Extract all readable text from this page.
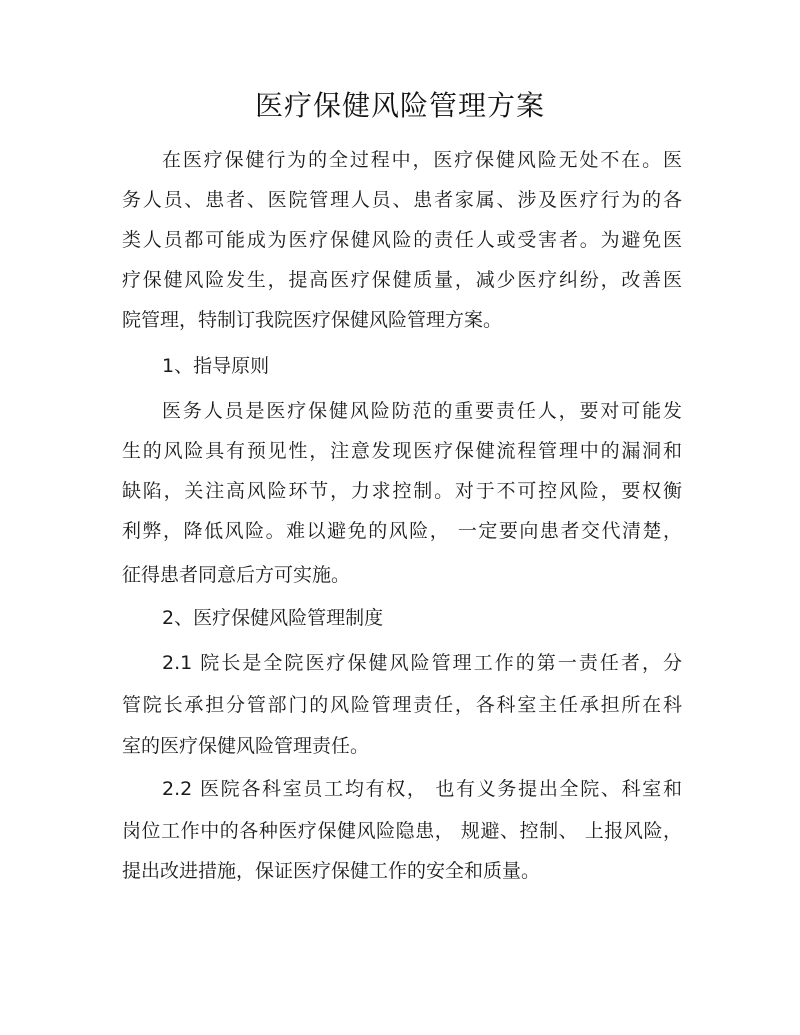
医疗保健风险管理方案
在医疗保健行为的全过程中，医疗保健风险无处不在。医
务人员、患者、医院管理人员、患者家属、涉及医疗行为的各
类人员都可能成为医疗保健风险的责任人或受害者。为避免医
疗保健风险发生，提高医疗保健质量，减少医疗纠纷，改善医
院管理，特制订我院医疗保健风险管理方案。
1、指导原则
医务人员是医疗保健风险防范的重要责任人，要对可能发
生的风险具有预见性，注意发现医疗保健流程管理中的漏洞和
缺陷，关注高风险环节，力求控制。对于不可控风险，要权衡
利弊，降低风险。难以避免的风险， 一定要向患者交代清楚，
征得患者同意后方可实施。
2、医疗保健风险管理制度
2.1 院长是全院医疗保健风险管理工作的第一责任者，分
管院长承担分管部门的风险管理责任，各科室主任承担所在科
室的医疗保健风险管理责任。
2.2 医院各科室员工均有权， 也有义务提出全院、科室和
岗位工作中的各种医疗保健风险隐患， 规避、控制、 上报风险，
提出改进措施，保证医疗保健工作的安全和质量。
